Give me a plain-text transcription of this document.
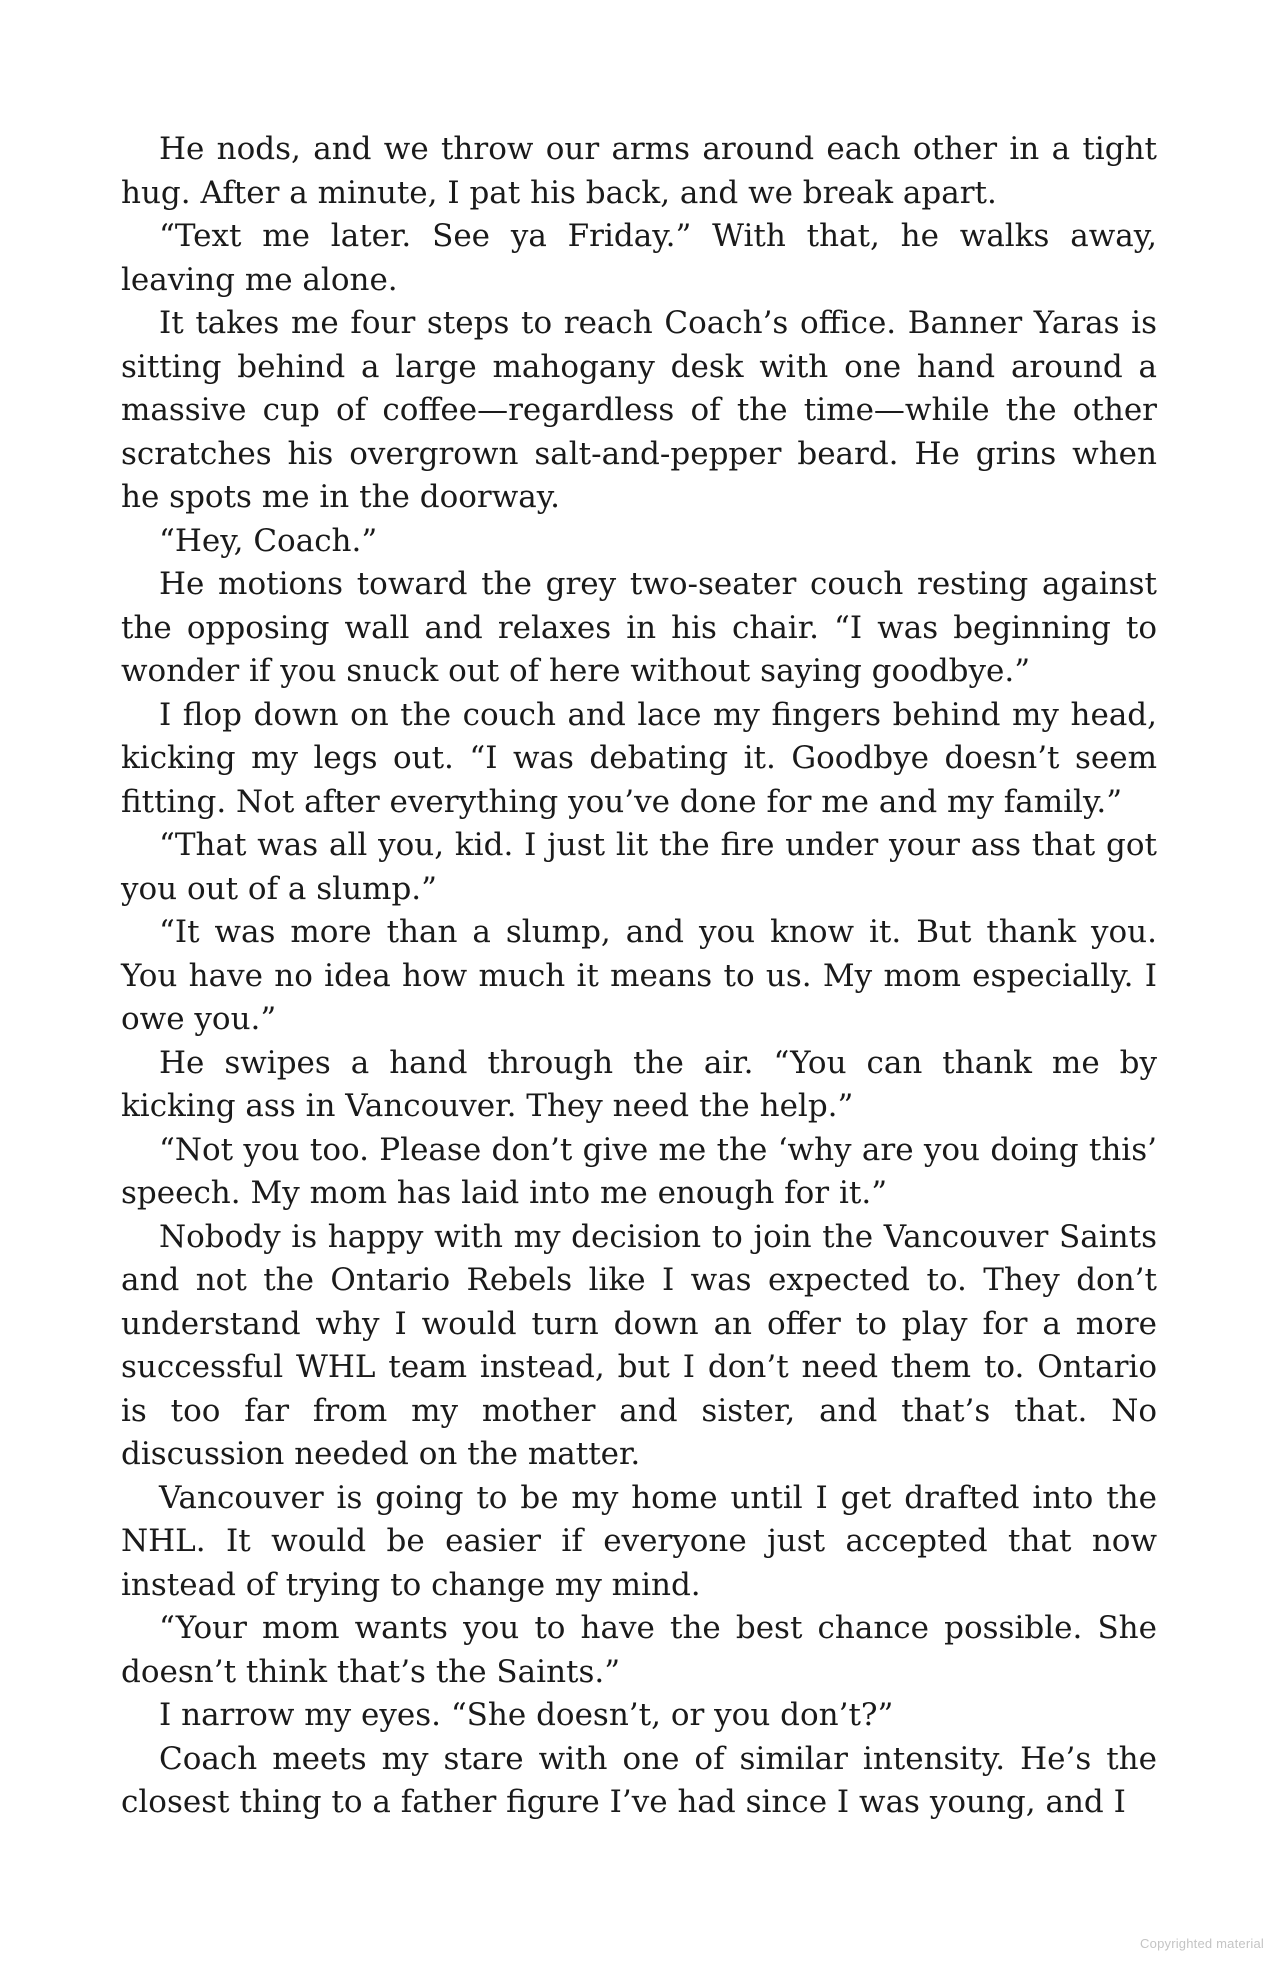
He nods, and we throw our arms around each other in a tight hug. After a minute, I pat his back, and we break apart.

“Text me later. See ya Friday.” With that, he walks away, leaving me alone.

It takes me four steps to reach Coach’s office. Banner Yaras is sitting behind a large mahogany desk with one hand around a massive cup of coffee—regardless of the time—while the other scratches his overgrown salt-and-pepper beard. He grins when he spots me in the doorway.

“Hey, Coach.”

He motions toward the grey two-seater couch resting against the opposing wall and relaxes in his chair. “I was beginning to wonder if you snuck out of here without saying goodbye.”

I flop down on the couch and lace my fingers behind my head, kicking my legs out. “I was debating it. Goodbye doesn’t seem fitting. Not after everything you’ve done for me and my family.”

“That was all you, kid. I just lit the fire under your ass that got you out of a slump.”

“It was more than a slump, and you know it. But thank you. You have no idea how much it means to us. My mom especially. I owe you.”

He swipes a hand through the air. “You can thank me by kicking ass in Vancouver. They need the help.”

“Not you too. Please don’t give me the ‘why are you doing this’ speech. My mom has laid into me enough for it.”

Nobody is happy with my decision to join the Vancouver Saints and not the Ontario Rebels like I was expected to. They don’t understand why I would turn down an offer to play for a more successful WHL team instead, but I don’t need them to. Ontario is too far from my mother and sister, and that’s that. No discussion needed on the matter.

Vancouver is going to be my home until I get drafted into the NHL. It would be easier if everyone just accepted that now instead of trying to change my mind.

“Your mom wants you to have the best chance possible. She doesn’t think that’s the Saints.”

I narrow my eyes. “She doesn’t, or you don’t?”

Coach meets my stare with one of similar intensity. He’s the closest thing to a father figure I’ve had since I was young, and I

Copyrighted material
